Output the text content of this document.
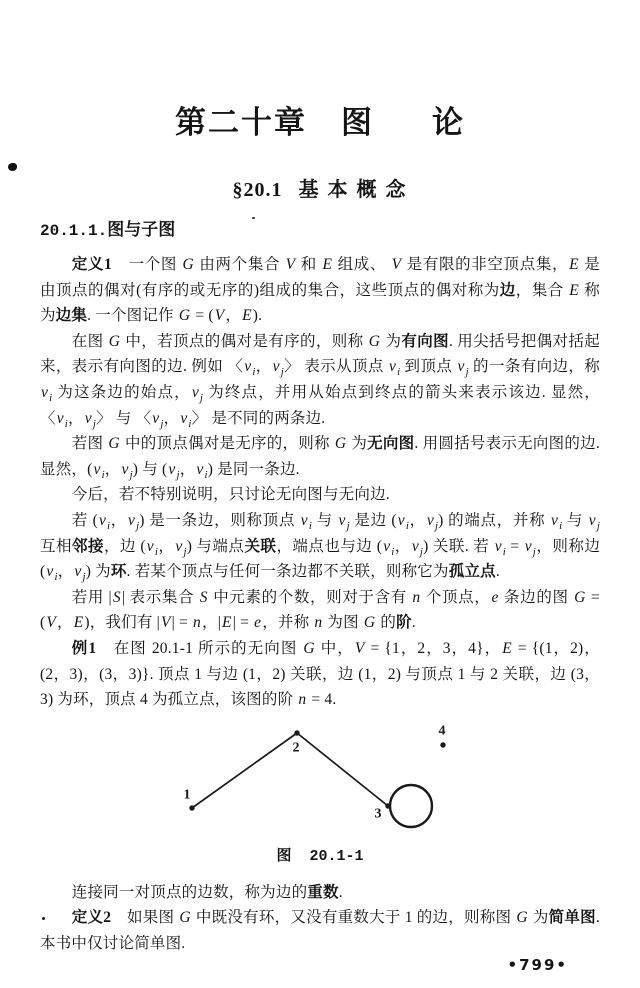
第二十章 图 论
§20.1 基 本 概 念
20.1.1.图与子图

定义1　一个图 G 由两个集合 V 和 E 组成、 V 是有限的非空顶点集，E 是由顶点的偶对(有序的或无序的)组成的集合，这些顶点的偶对称为边，集合 E 称为边集. 一个图记作 G = (V，E).

在图 G 中，若顶点的偶对是有序的，则称 G 为有向图. 用尖括号把偶对括起来，表示有向图的边. 例如 〈$v_i$，$v_j$〉 表示从顶点 $v_i$ 到顶点 $v_j$ 的一条有向边，称 $v_i$ 为这条边的始点，$v_j$ 为终点，并用从始点到终点的箭头来表示该边. 显然，〈$v_i$，$v_j$〉 与 〈$v_j$，$v_i$〉 是不同的两条边.

若图 G 中的顶点偶对是无序的，则称 G 为无向图. 用圆括号表示无向图的边. 显然，($v_i$，$v_j$) 与 ($v_j$，$v_i$) 是同一条边.

今后，若不特别说明，只讨论无向图与无向边.

若 ($v_i$，$v_j$) 是一条边，则称顶点 $v_i$ 与 $v_j$ 是边 ($v_i$，$v_j$) 的端点，并称 $v_i$ 与 $v_j$ 互相邻接，边 ($v_i$，$v_j$) 与端点关联，端点也与边 ($v_i$，$v_j$) 关联. 若 $v_i = v_j$，则称边 ($v_i$，$v_j$) 为环. 若某个顶点与任何一条边都不关联，则称它为孤立点.

若用 |S| 表示集合 S 中元素的个数，则对于含有 n 个顶点，e 条边的图 G = (V，E)，我们有 |V| = n，|E| = e，并称 n 为图 G 的阶.

例1　在图 20.1-1 所示的无向图 G 中，V = {1，2，3，4}，E = {(1，2)，(2，3)，(3，3)}. 顶点 1 与边 (1，2) 关联，边 (1，2) 与顶点 1 与 2 关联，边 (3，3) 为环，顶点 4 为孤立点，该图的阶 n = 4.

1
2
3
4
图 20.1-1

连接同一对顶点的边数，称为边的重数.

定义2　如果图 G 中既没有环，又没有重数大于 1 的边，则称图 G 为简单图. 本书中仅讨论简单图.

•799•
